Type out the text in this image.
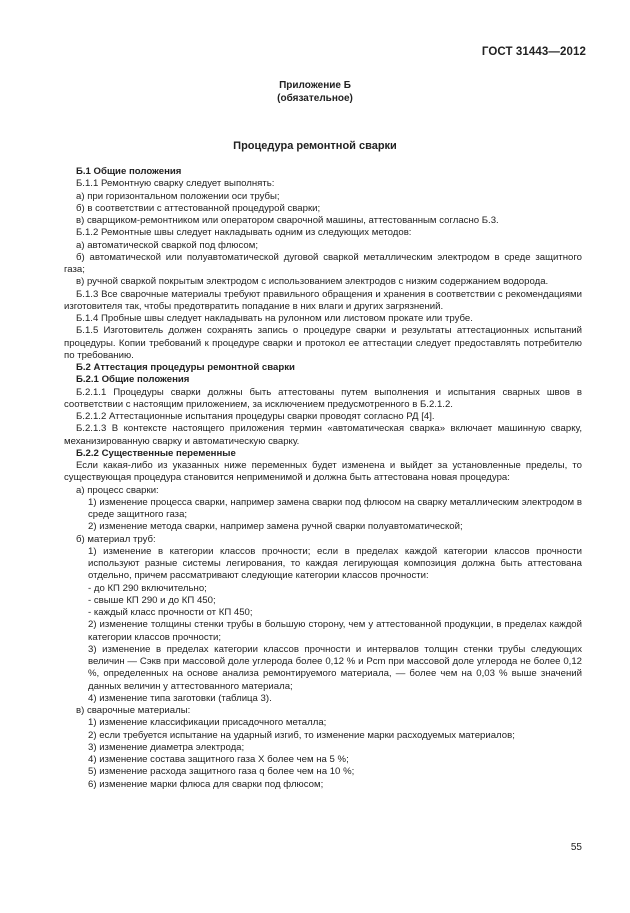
ГОСТ 31443—2012
Приложение Б
(обязательное)
Процедура ремонтной сварки

Б.1 Общие положения

Б.1.1 Ремонтную сварку следует выполнять:

а) при горизонтальном положении оси трубы;

б) в соответствии с аттестованной процедурой сварки;

в) сварщиком-ремонтником или оператором сварочной машины, аттестованным согласно Б.3.

Б.1.2 Ремонтные швы следует накладывать одним из следующих методов:

а) автоматической сваркой под флюсом;

б) автоматической или полуавтоматической дуговой сваркой металлическим электродом в среде защитного газа;

в) ручной сваркой покрытым электродом с использованием электродов с низким содержанием водорода.

Б.1.3 Все сварочные материалы требуют правильного обращения и хранения в соответствии с рекомендациями изготовителя так, чтобы предотвратить попадание в них влаги и других загрязнений.

Б.1.4 Пробные швы следует накладывать на рулонном или листовом прокате или трубе.

Б.1.5 Изготовитель должен сохранять запись о процедуре сварки и результаты аттестационных испытаний процедуры. Копии требований к процедуре сварки и протокол ее аттестации следует предоставлять потребителю по требованию.

Б.2 Аттестация процедуры ремонтной сварки

Б.2.1 Общие положения

Б.2.1.1 Процедуры сварки должны быть аттестованы путем выполнения и испытания сварных швов в соответствии с настоящим приложением, за исключением предусмотренного в Б.2.1.2.

Б.2.1.2 Аттестационные испытания процедуры сварки проводят согласно РД [4].

Б.2.1.3 В контексте настоящего приложения термин «автоматическая сварка» включает машинную сварку, механизированную сварку и автоматическую сварку.

Б.2.2 Существенные переменные

Если какая-либо из указанных ниже переменных будет изменена и выйдет за установленные пределы, то существующая процедура становится неприменимой и должна быть аттестована новая процедура:

а) процесс сварки:

1) изменение процесса сварки, например замена сварки под флюсом на сварку металлическим электродом в среде защитного газа;

2) изменение метода сварки, например замена ручной сварки полуавтоматической;

б) материал труб:

1) изменение в категории классов прочности; если в пределах каждой категории классов прочности используют разные системы легирования, то каждая легирующая композиция должна быть аттестована отдельно, причем рассматривают следующие категории классов прочности:

- до КП 290 включительно;

- свыше КП 290 и до КП 450;

- каждый класс прочности от КП 450;

2) изменение толщины стенки трубы в большую сторону, чем у аттестованной продукции, в пределах каждой категории классов прочности;

3) изменение в пределах категории классов прочности и интервалов толщин стенки трубы следующих величин — Сэкв при массовой доле углерода более 0,12 % и Рсm при массовой доле углерода не более 0,12 %, определенных на основе анализа ремонтируемого материала, — более чем на 0,03 % выше значений данных величин у аттестованного материала;

4) изменение типа заготовки (таблица 3).

в) сварочные материалы:

1) изменение классификации присадочного металла;

2) если требуется испытание на ударный изгиб, то изменение марки расходуемых материалов;

3) изменение диаметра электрода;

4) изменение состава защитного газа X более чем на 5 %;

5) изменение расхода защитного газа q более чем на 10 %;

6) изменение марки флюса для сварки под флюсом;

55
